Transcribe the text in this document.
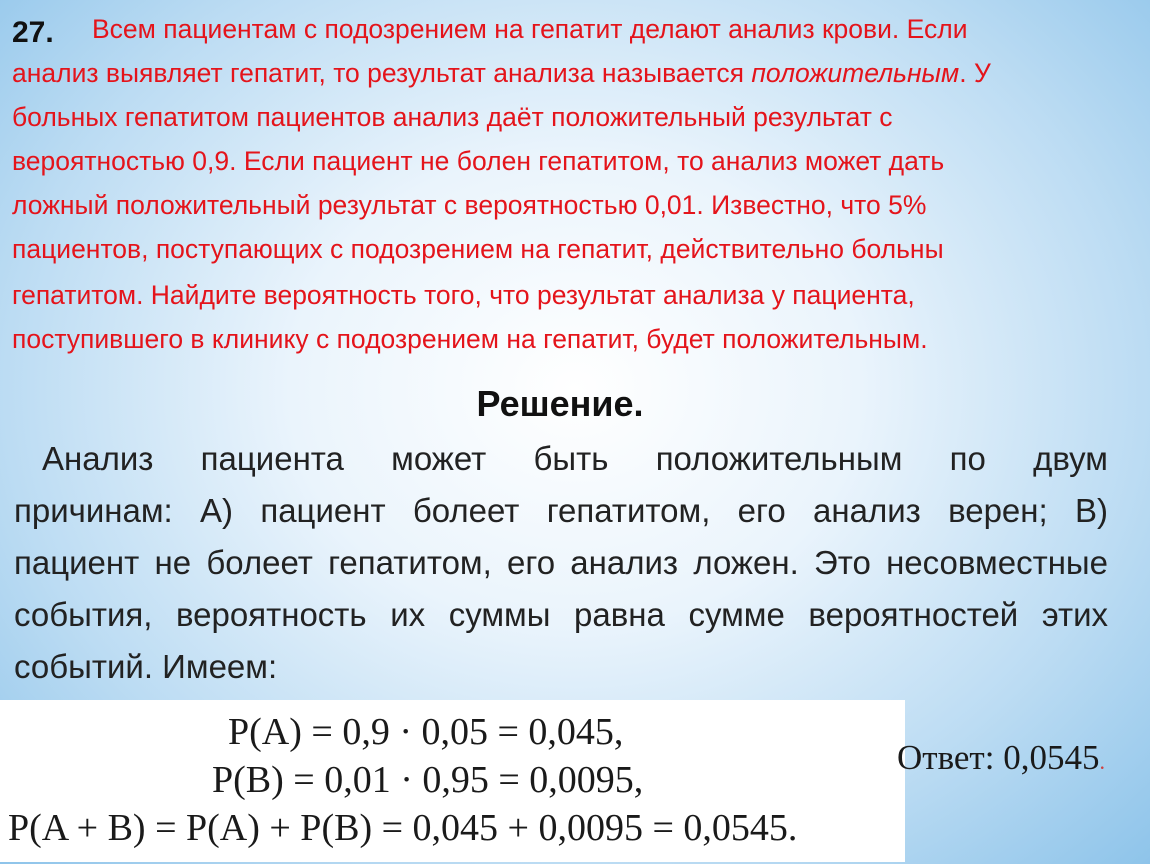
27. Всем пациентам с подозрением на гепатит делают анализ крови. Если
анализ выявляет гепатит, то результат анализа называется положительным. У
больных гепатитом пациентов анализ даёт положительный результат с
вероятностью 0,9. Если пациент не болен гепатитом, то анализ может дать
ложный положительный результат с вероятностью 0,01. Известно, что 5%
пациентов, поступающих с подозрением на гепатит, действительно больны
гепатитом. Найдите вероятность того, что результат анализа у пациента,
поступившего в клинику с подозрением на гепатит, будет положительным.
Решение.
Анализ пациента может быть положительным по двум
причинам: А) пациент болеет гепатитом, его анализ верен; В)
пациент не болеет гепатитом, его анализ ложен. Это несовместные
события, вероятность их суммы равна сумме вероятностей этих
событий. Имеем:
P(A) = 0,9 · 0,05 = 0,045,
P(B) = 0,01 · 0,95 = 0,0095,
P(A + B) = P(A) + P(B) = 0,045 + 0,0095 = 0,0545.
Ответ: 0,0545.
